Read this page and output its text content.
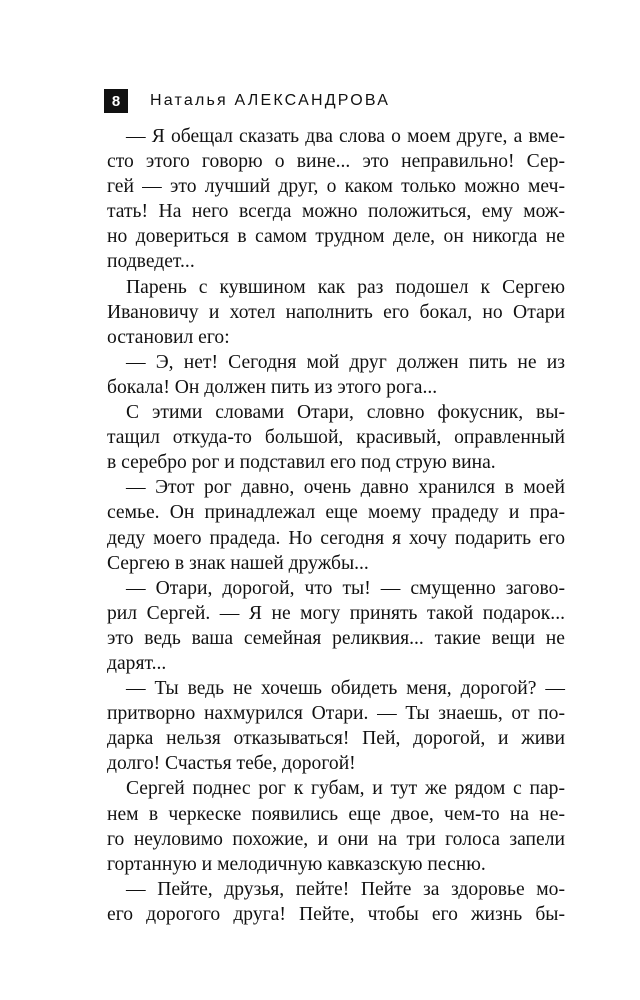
8	Наталья АЛЕКСАНДРОВА
— Я обещал сказать два слова о моем друге, а вме-
сто этого говорю о вине... это неправильно! Сер-
гей — это лучший друг, о каком только можно меч-
тать! На него всегда можно положиться, ему мож-
но довериться в самом трудном деле, он никогда не
подведет...
Парень с кувшином как раз подошел к Сергею
Ивановичу и хотел наполнить его бокал, но Отари
остановил его:
— Э, нет! Сегодня мой друг должен пить не из
бокала! Он должен пить из этого рога...
С этими словами Отари, словно фокусник, вы-
тащил откуда-то большой, красивый, оправленный
в серебро рог и подставил его под струю вина.
— Этот рог давно, очень давно хранился в моей
семье. Он принадлежал еще моему прадеду и пра-
деду моего прадеда. Но сегодня я хочу подарить его
Сергею в знак нашей дружбы...
— Отари, дорогой, что ты! — смущенно загово-
рил Сергей. — Я не могу принять такой подарок...
это ведь ваша семейная реликвия... такие вещи не
дарят...
— Ты ведь не хочешь обидеть меня, дорогой? —
притворно нахмурился Отари. — Ты знаешь, от по-
дарка нельзя отказываться! Пей, дорогой, и живи
долго! Счастья тебе, дорогой!
Сергей поднес рог к губам, и тут же рядом с пар-
нем в черкеске появились еще двое, чем-то на не-
го неуловимо похожие, и они на три голоса запели
гортанную и мелодичную кавказскую песню.
— Пейте, друзья, пейте! Пейте за здоровье мо-
его дорогого друга! Пейте, чтобы его жизнь бы-
